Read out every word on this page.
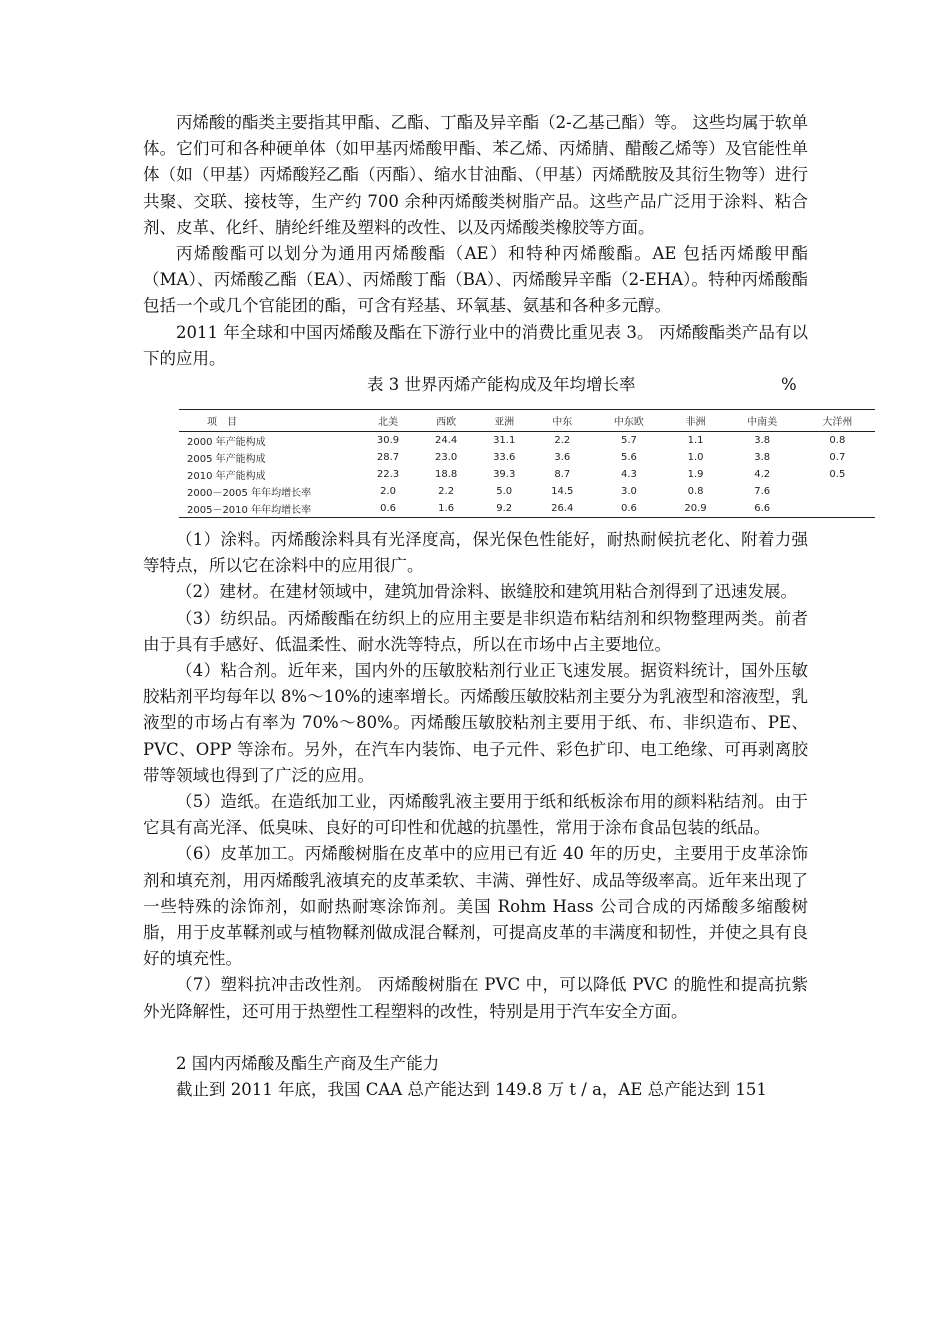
丙烯酸的酯类主要指其甲酯、乙酯、丁酯及异辛酯（2-乙基己酯）等。 这些均属于软单体。它们可和各种硬单体（如甲基丙烯酸甲酯、苯乙烯、丙烯腈、醋酸乙烯等）及官能性单体（如（甲基）丙烯酸羟乙酯（丙酯）、缩水甘油酯、（甲基）丙烯酰胺及其衍生物等）进行共聚、交联、接枝等，生产约 700 余种丙烯酸类树脂产品。这些产品广泛用于涂料、粘合剂、皮革、化纤、腈纶纤维及塑料的改性、以及丙烯酸类橡胶等方面。

丙烯酸酯可以划分为通用丙烯酸酯（AE）和特种丙烯酸酯。AE 包括丙烯酸甲酯（MA）、丙烯酸乙酯（EA）、丙烯酸丁酯（BA）、丙烯酸异辛酯（2-EHA）。特种丙烯酸酯包括一个或几个官能团的酯，可含有羟基、环氧基、氨基和各种多元醇。

2011 年全球和中国丙烯酸及酯在下游行业中的消费比重见表 3。 丙烯酸酯类产品有以下的应用。

表 3 世界丙烯产能构成及年均增长率	%
项　目	北美	西欧	亚洲	中东	中东欧	非洲	中南美	大洋州
2000 年产能构成	30.9	24.4	31.1	2.2	5.7	1.1	3.8	0.8
2005 年产能构成	28.7	23.0	33.6	3.6	5.6	1.0	3.8	0.7
2010 年产能构成	22.3	18.8	39.3	8.7	4.3	1.9	4.2	0.5
2000－2005 年年均增长率	2.0	2.2	5.0	14.5	3.0	0.8	7.6	
2005－2010 年年均增长率	0.6	1.6	9.2	26.4	0.6	20.9	6.6	

（1）涂料。丙烯酸涂料具有光泽度高，保光保色性能好，耐热耐候抗老化、附着力强等特点，所以它在涂料中的应用很广。

（2）建材。在建材领域中，建筑加骨涂料、嵌缝胶和建筑用粘合剂得到了迅速发展。

（3）纺织品。丙烯酸酯在纺织上的应用主要是非织造布粘结剂和织物整理两类。前者由于具有手感好、低温柔性、耐水洗等特点，所以在市场中占主要地位。

（4）粘合剂。近年来，国内外的压敏胶粘剂行业正飞速发展。据资料统计，国外压敏胶粘剂平均每年以 8%～10%的速率增长。丙烯酸压敏胶粘剂主要分为乳液型和溶液型，乳液型的市场占有率为 70%～80%。丙烯酸压敏胶粘剂主要用于纸、布、非织造布、PE、PVC、OPP 等涂布。另外，在汽车内装饰、电子元件、彩色扩印、电工绝缘、可再剥离胶带等领域也得到了广泛的应用。

（5）造纸。在造纸加工业，丙烯酸乳液主要用于纸和纸板涂布用的颜料粘结剂。由于它具有高光泽、低臭味、良好的可印性和优越的抗墨性，常用于涂布食品包装的纸品。

（6）皮革加工。丙烯酸树脂在皮革中的应用已有近 40 年的历史，主要用于皮革涂饰剂和填充剂，用丙烯酸乳液填充的皮革柔软、丰满、弹性好、成品等级率高。近年来出现了一些特殊的涂饰剂，如耐热耐寒涂饰剂。美国 Rohm Hass 公司合成的丙烯酸多缩酸树脂，用于皮革鞣剂或与植物鞣剂做成混合鞣剂，可提高皮革的丰满度和韧性，并使之具有良好的填充性。

（7）塑料抗冲击改性剂。 丙烯酸树脂在 PVC 中，可以降低 PVC 的脆性和提高抗紫外光降解性，还可用于热塑性工程塑料的改性，特别是用于汽车安全方面。

2 国内丙烯酸及酯生产商及生产能力

截止到 2011 年底，我国 CAA 总产能达到 149.8 万 t / a，AE 总产能达到 151
